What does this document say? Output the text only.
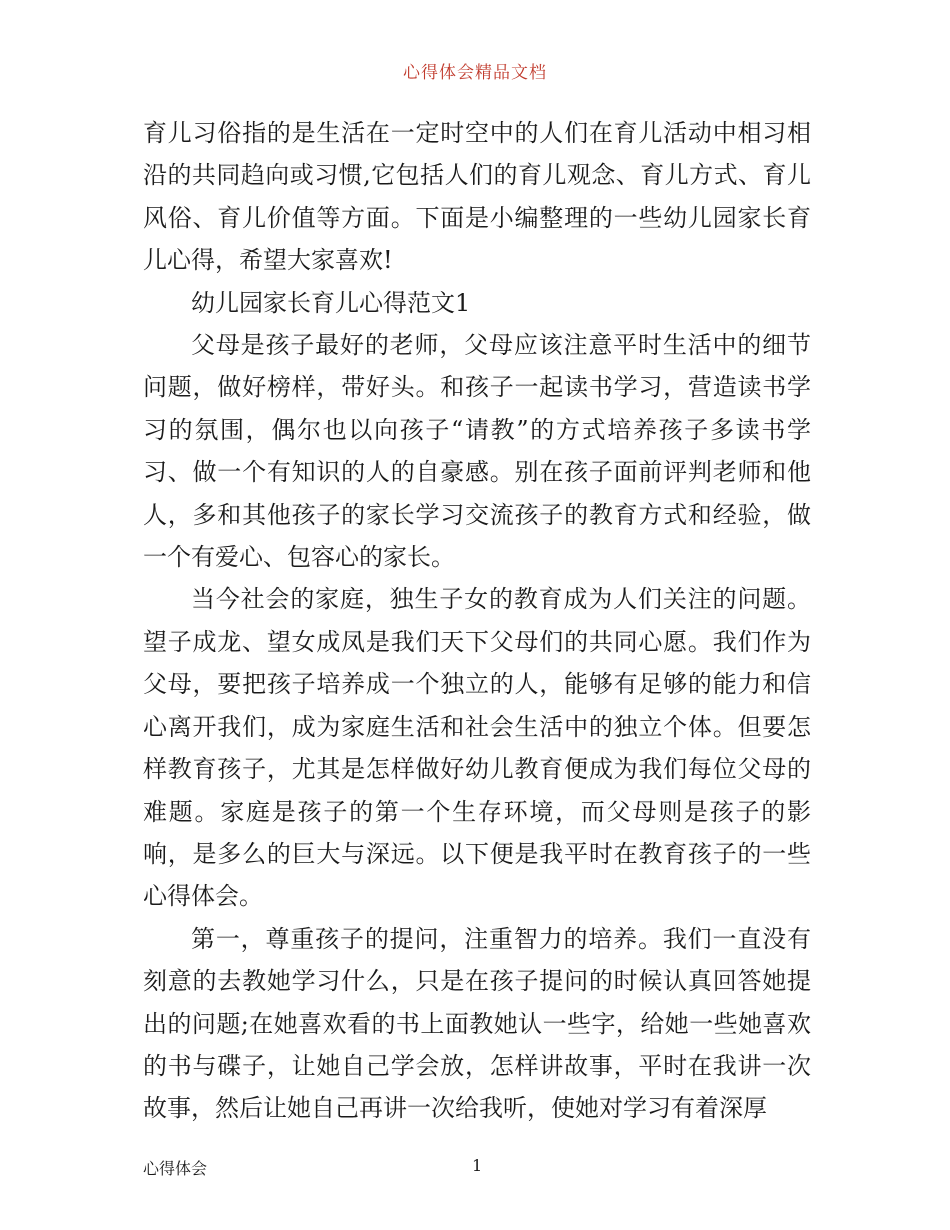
心得体会精品文档

育儿习俗指的是生活在一定时空中的人们在育儿活动中相习相沿的共同趋向或习惯,它包括人们的育儿观念、育儿方式、育儿风俗、育儿价值等方面。下面是小编整理的一些幼儿园家长育儿心得，希望大家喜欢!

幼儿园家长育儿心得范文1

父母是孩子最好的老师，父母应该注意平时生活中的细节问题，做好榜样，带好头。和孩子一起读书学习，营造读书学习的氛围，偶尔也以向孩子“请教”的方式培养孩子多读书学习、做一个有知识的人的自豪感。别在孩子面前评判老师和他人，多和其他孩子的家长学习交流孩子的教育方式和经验，做一个有爱心、包容心的家长。

当今社会的家庭，独生子女的教育成为人们关注的问题。望子成龙、望女成凤是我们天下父母们的共同心愿。我们作为父母，要把孩子培养成一个独立的人，能够有足够的能力和信心离开我们，成为家庭生活和社会生活中的独立个体。但要怎样教育孩子，尤其是怎样做好幼儿教育便成为我们每位父母的难题。家庭是孩子的第一个生存环境，而父母则是孩子的影响，是多么的巨大与深远。以下便是我平时在教育孩子的一些心得体会。

第一，尊重孩子的提问，注重智力的培养。我们一直没有刻意的去教她学习什么，只是在孩子提问的时候认真回答她提出的问题;在她喜欢看的书上面教她认一些字，给她一些她喜欢的书与碟子，让她自己学会放，怎样讲故事，平时在我讲一次故事，然后让她自己再讲一次给我听，使她对学习有着深厚

心得体会	1
